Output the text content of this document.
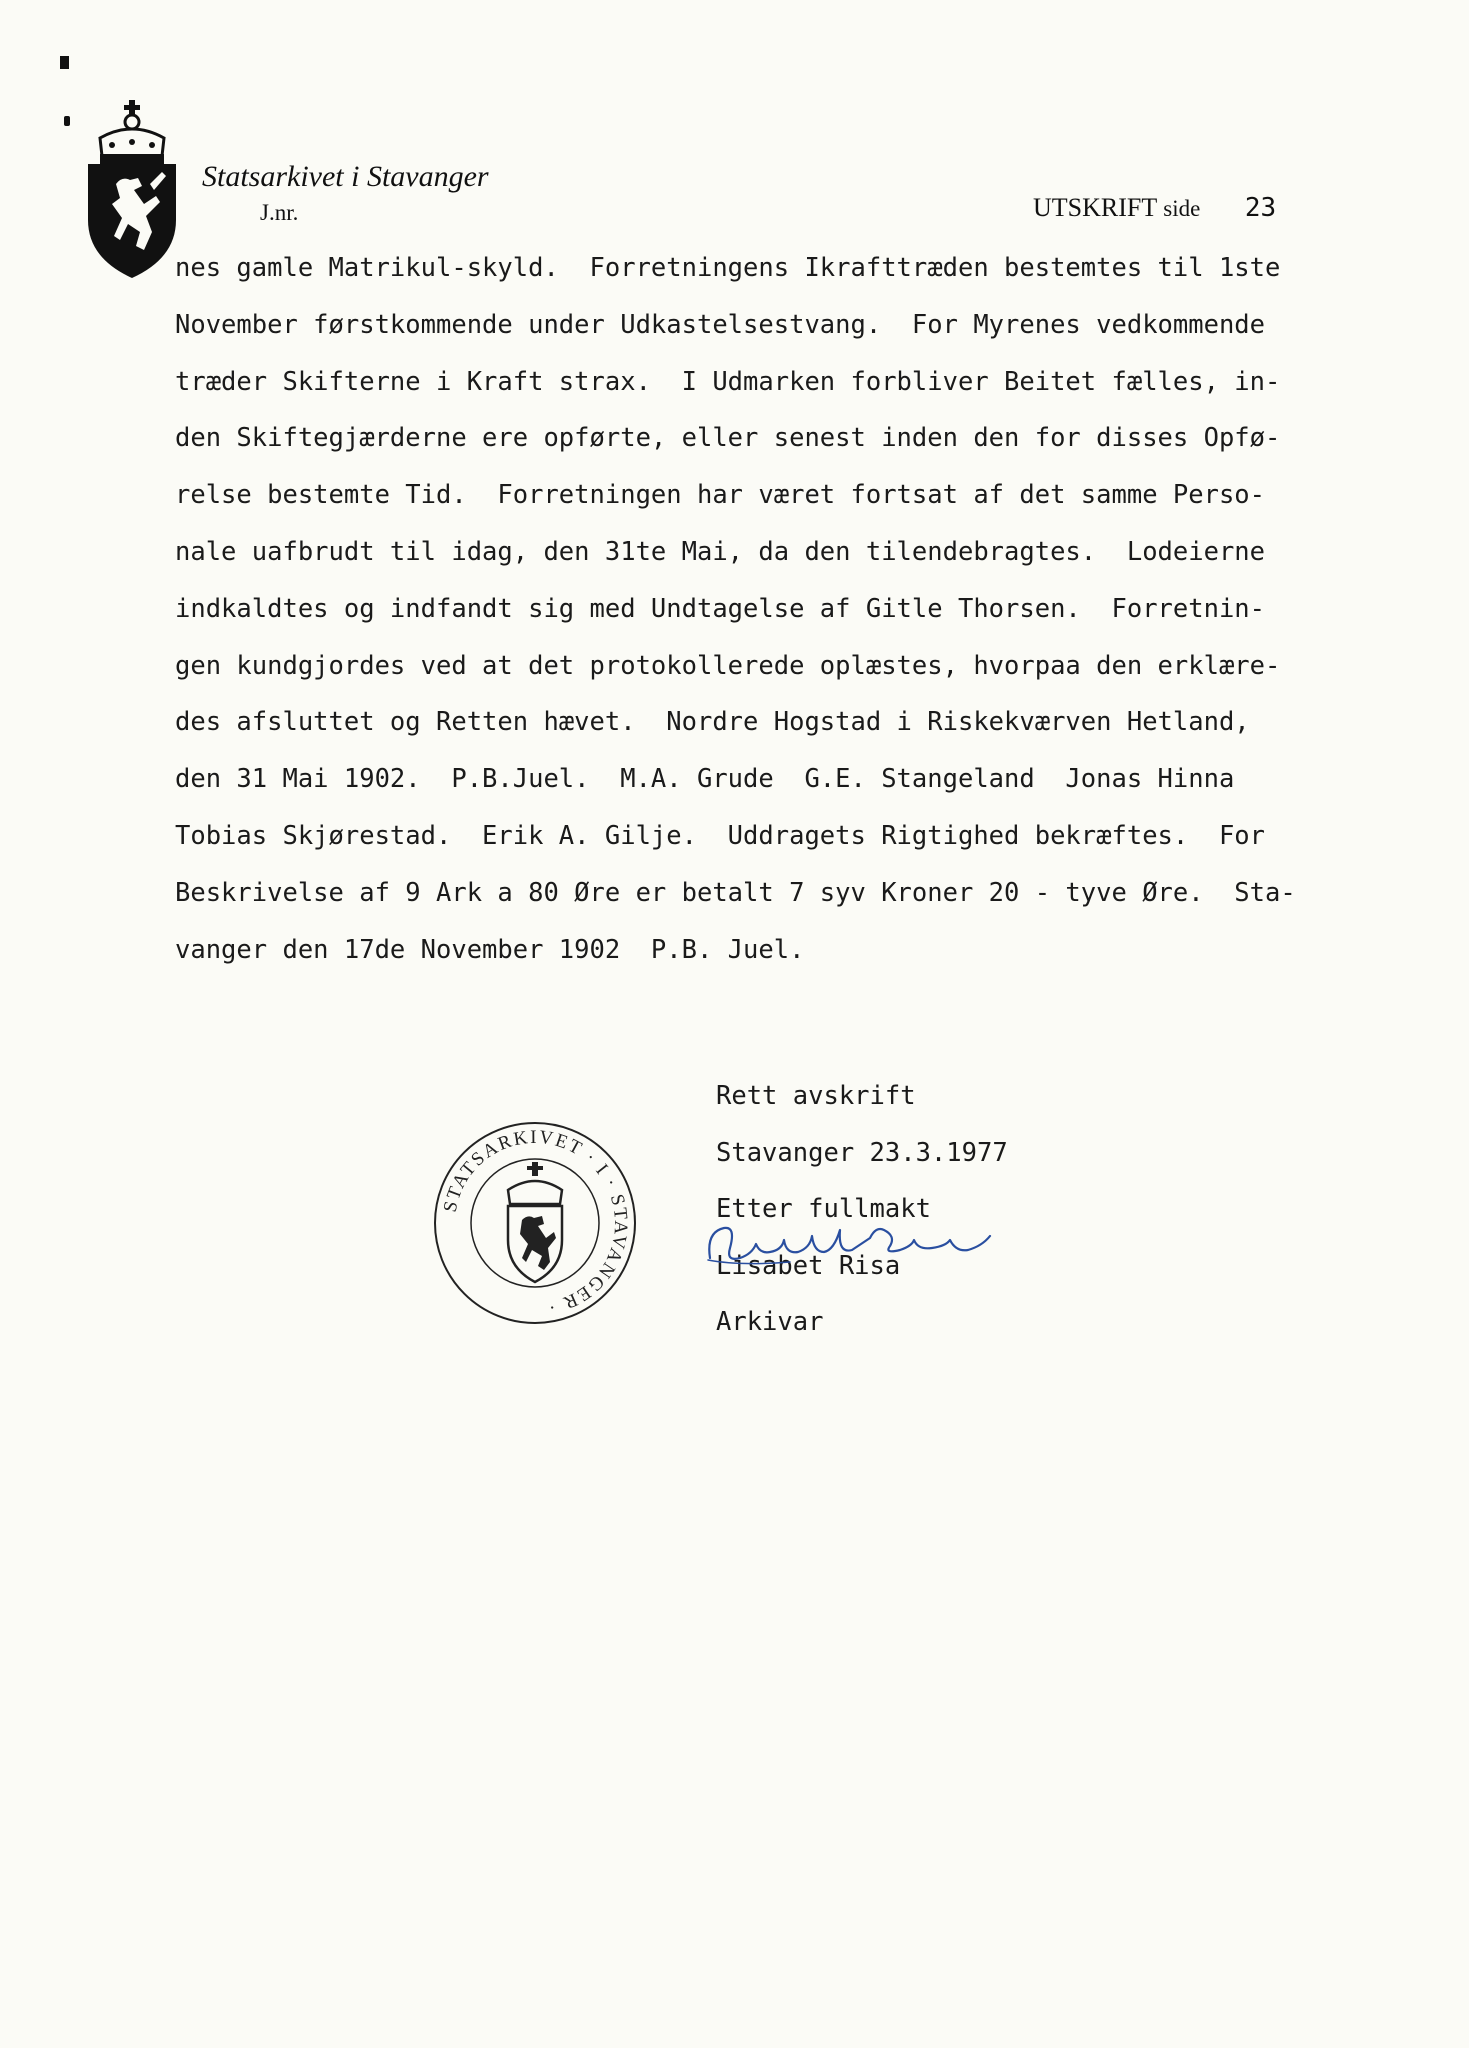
Statsarkivet i Stavanger
J.nr.	UTSKRIFT side 23
nes gamle Matrikul-skyld.  Forretningens Ikrafttræden bestemtes til 1ste
November førstkommende under Udkastelsestvang.  For Myrenes vedkommende
træder Skifterne i Kraft strax.  I Udmarken forbliver Beitet fælles, in-
den Skiftegjærderne ere opførte, eller senest inden den for disses Opfø-
relse bestemte Tid.  Forretningen har været fortsat af det samme Perso-
nale uafbrudt til idag, den 31te Mai, da den tilendebragtes.  Lodeierne
indkaldtes og indfandt sig med Undtagelse af Gitle Thorsen.  Forretnin-
gen kundgjordes ved at det protokollerede oplæstes, hvorpaa den erklære-
des afsluttet og Retten hævet.  Nordre Hogstad i Riskekværven Hetland,
den 31 Mai 1902.  P.B.Juel.  M.A. Grude  G.E. Stangeland  Jonas Hinna
Tobias Skjørestad.  Erik A. Gilje.  Uddragets Rigtighed bekræftes.  For
Beskrivelse af 9 Ark a 80 Øre er betalt 7 syv Kroner 20 - tyve Øre.  Sta-
vanger den 17de November 1902  P.B. Juel.
Rett avskrift
Stavanger 23.3.1977
Etter fullmakt
Lisabet Risa
Arkivar
STATSARKIVET · I · STAVANGER ·
